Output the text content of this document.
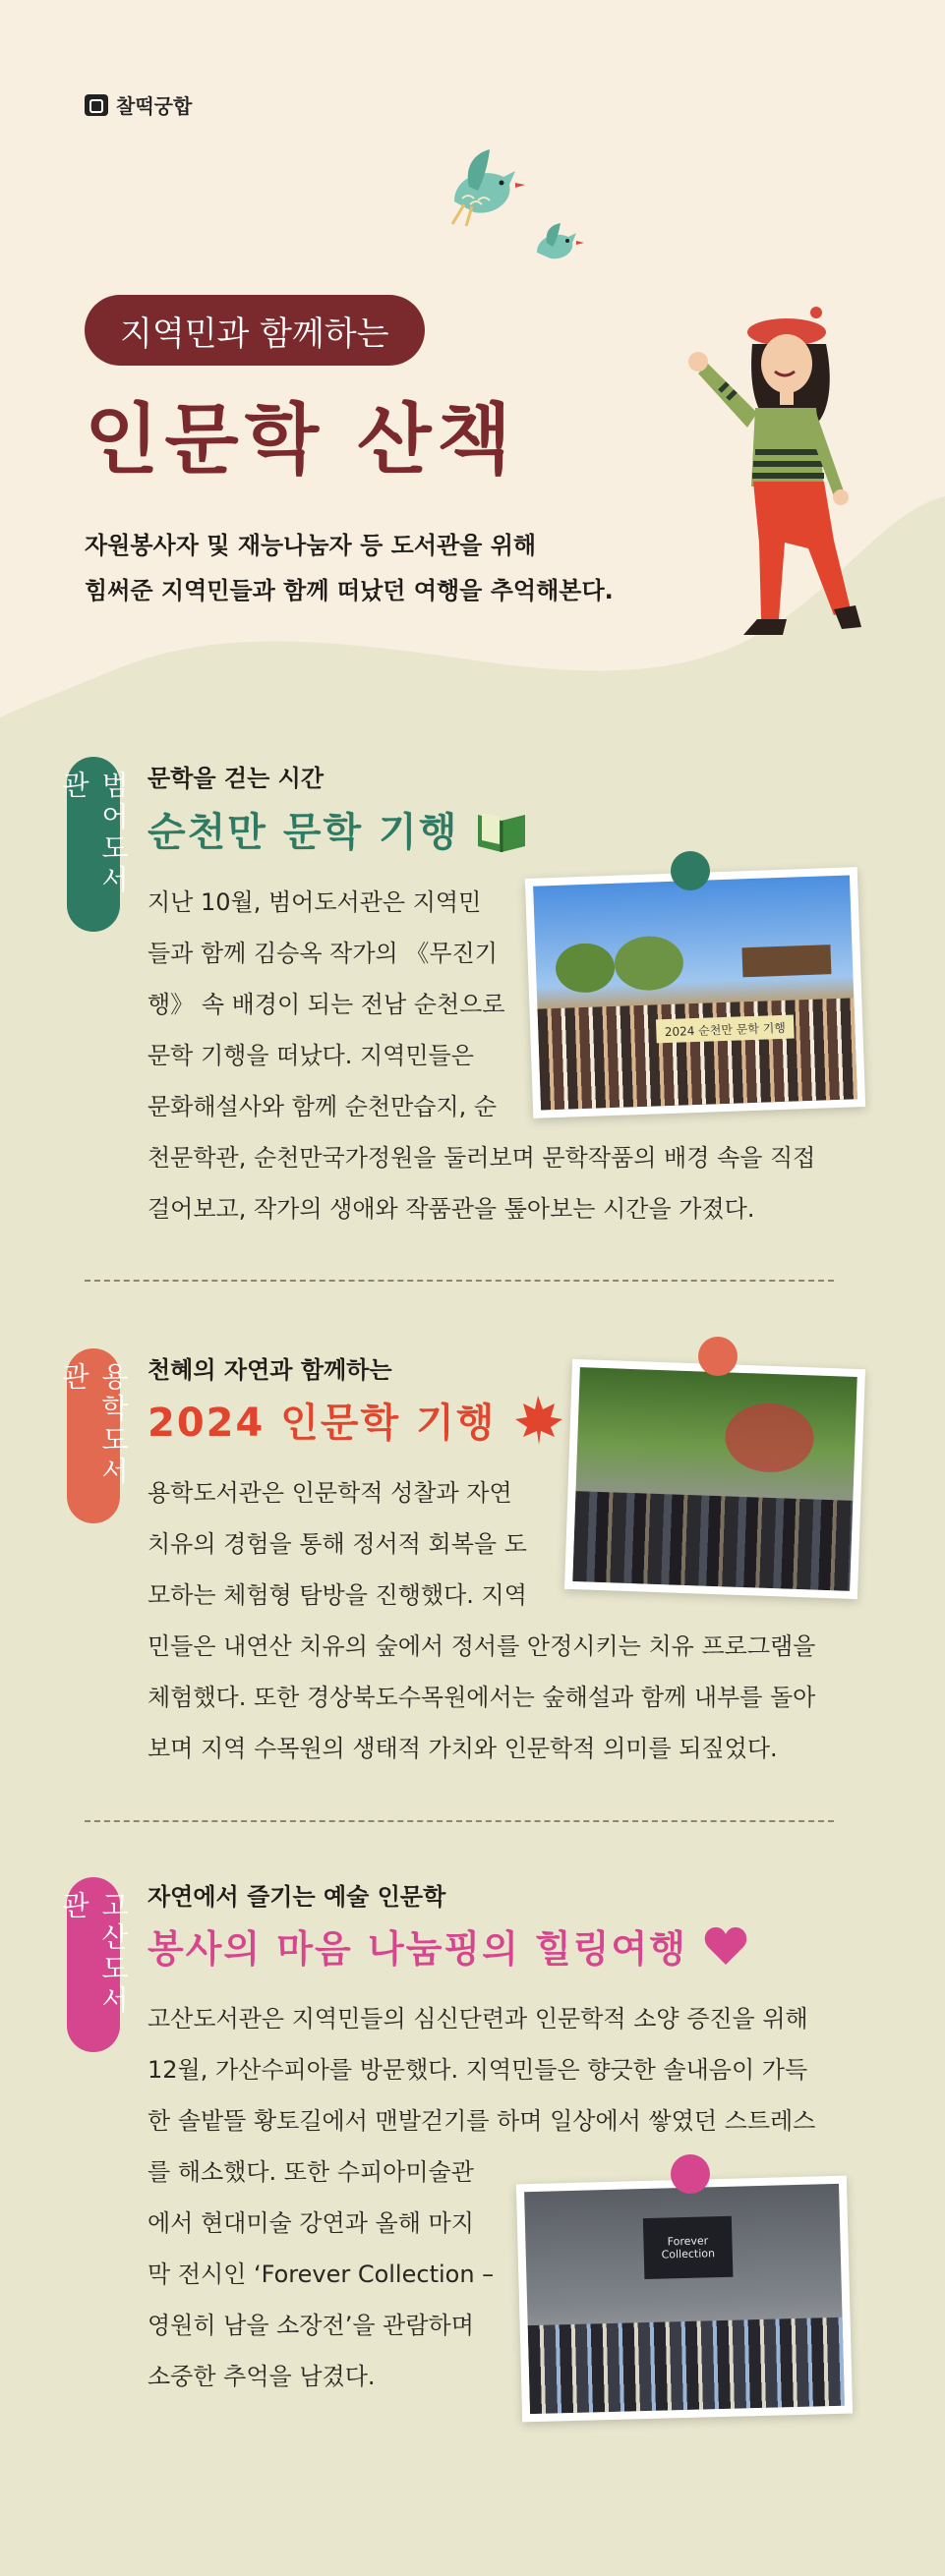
찰떡궁합
지역민과 함께하는
인문학 산책
자원봉사자 및 재능나눔자 등 도서관을 위해
힘써준 지역민들과 함께 떠났던 여행을 추억해본다.
범어도서관	문학을 걷는 시간
순천만 문학 기행
지난 10월, 범어도서관은 지역민
들과 함께 김승옥 작가의 《무진기
행》 속 배경이 되는 전남 순천으로
문학 기행을 떠났다. 지역민들은
문화해설사와 함께 순천만습지, 순
천문학관, 순천만국가정원을 둘러보며 문학작품의 배경 속을 직접
걸어보고, 작가의 생애와 작품관을 톺아보는 시간을 가졌다.
2024 순천만 문학 기행
용학도서관	천혜의 자연과 함께하는
2024 인문학 기행
용학도서관은 인문학적 성찰과 자연
치유의 경험을 통해 정서적 회복을 도
모하는 체험형 탐방을 진행했다. 지역
민들은 내연산 치유의 숲에서 정서를 안정시키는 치유 프로그램을
체험했다. 또한 경상북도수목원에서는 숲해설과 함께 내부를 돌아
보며 지역 수목원의 생태적 가치와 인문학적 의미를 되짚었다.
고산도서관	자연에서 즐기는 예술 인문학
봉사의 마음 나눔핑의 힐링여행
고산도서관은 지역민들의 심신단련과 인문학적 소양 증진을 위해
12월, 가산수피아를 방문했다. 지역민들은 향긋한 솔내음이 가득
한 솔밭뜰 황토길에서 맨발걷기를 하며 일상에서 쌓였던 스트레스
를 해소했다. 또한 수피아미술관
에서 현대미술 강연과 올해 마지
막 전시인 ‘Forever Collection –
영원히 남을 소장전’을 관람하며
소중한 추억을 남겼다.
Forever Collection
